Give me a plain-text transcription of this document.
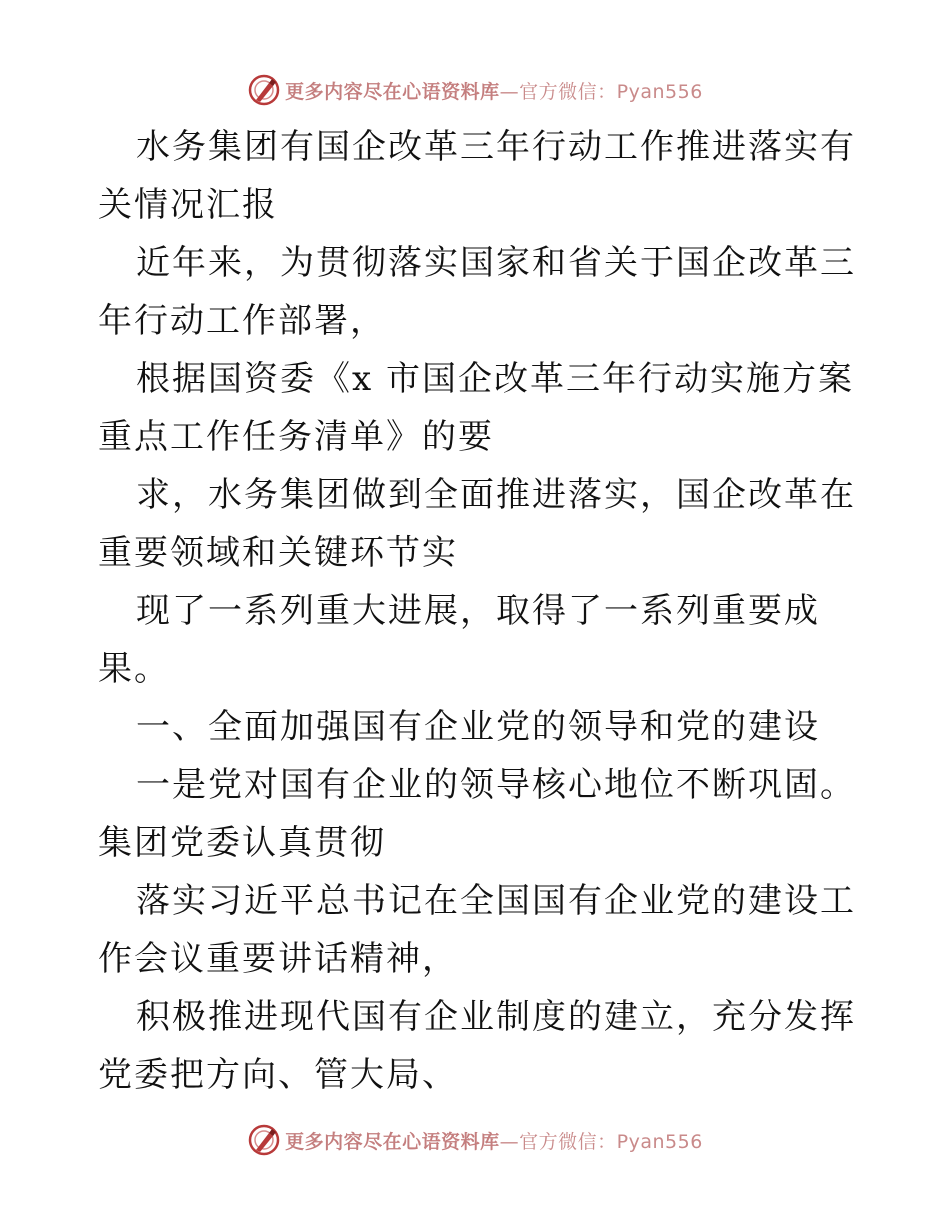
更多内容尽在心语资料库—官方微信：Pyan556

水务集团有国企改革三年行动工作推进落实有关情况汇报

近年来，为贯彻落实国家和省关于国企改革三年行动工作部署，

根据国资委《x 市国企改革三年行动实施方案重点工作任务清单》的要

求，水务集团做到全面推进落实，国企改革在重要领域和关键环节实

现了一系列重大进展，取得了一系列重要成果。

一、全面加强国有企业党的领导和党的建设

一是党对国有企业的领导核心地位不断巩固。集团党委认真贯彻

落实习近平总书记在全国国有企业党的建设工作会议重要讲话精神，

积极推进现代国有企业制度的建立，充分发挥党委把方向、管大局、

更多内容尽在心语资料库—官方微信：Pyan556
